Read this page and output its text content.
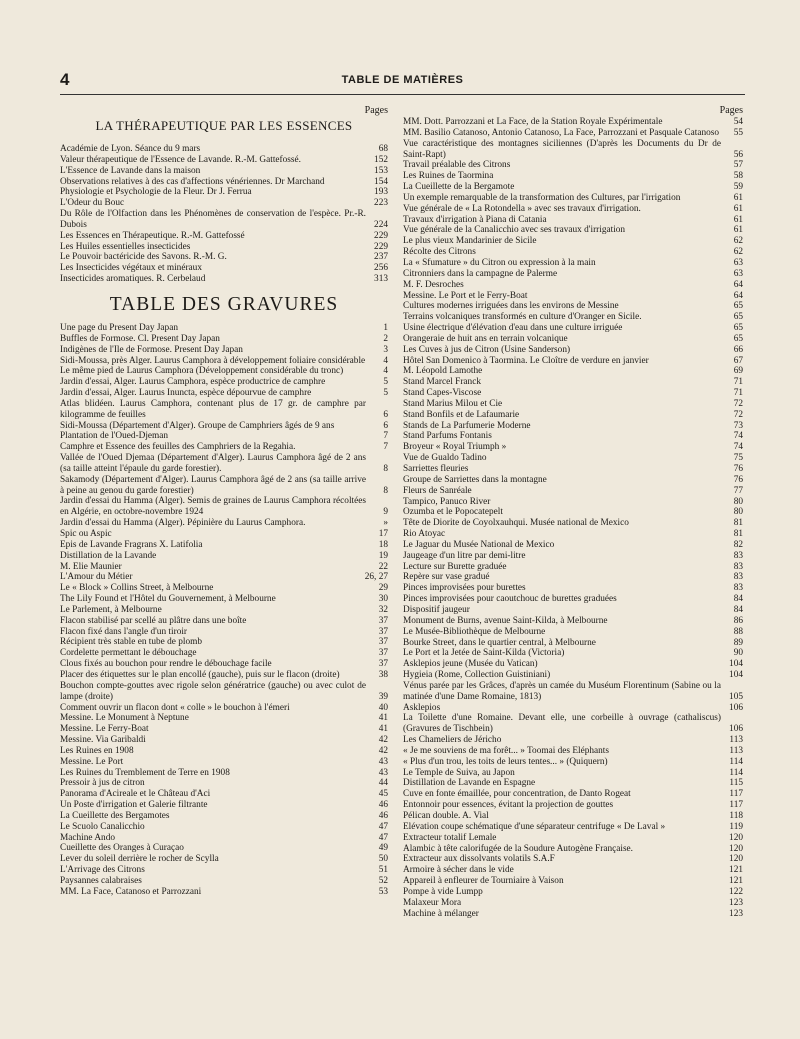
4	TABLE DE MATIÈRES
Pages
LA THÉRAPEUTIQUE PAR LES ESSENCES
Académie de Lyon. Séance du 9 mars	68
Valeur thérapeutique de l'Essence de Lavande. R.-M. Gattefossé.	152
L'Essence de Lavande dans la maison	153
Observations relatives à des cas d'affections vénériennes. Dr Marchand	154
Physiologie et Psychologie de la Fleur. Dr J. Ferrua	193
L'Odeur du Bouc	223
Du Rôle de l'Olfaction dans les Phénomènes de conservation de l'espèce. Pr.-R. Dubois	224
Les Essences en Thérapeutique. R.-M. Gattefossé	229
Les Huiles essentielles insecticides	229
Le Pouvoir bactéricide des Savons. R.-M. G.	237
Les Insecticides végétaux et minéraux	256
Insecticides aromatiques. R. Cerbelaud	313
TABLE DES GRAVURES
Une page du Present Day Japan	1
Buffles de Formose. Cl. Present Day Japan	2
Indigènes de l'Ile de Formose. Present Day Japan	3
Sidi-Moussa, près Alger. Laurus Camphora à développement foliaire considérable 4
Le même pied de Laurus Camphora (Développement considérable du tronc)	4
Jardin d'essai, Alger. Laurus Camphora, espèce productrice de camphre	5
Jardin d'essai, Alger. Laurus Inuncta, espèce dépourvue de camphre	5
Atlas blidéen. Laurus Camphora, contenant plus de 17 gr. de camphre par kilogramme de feuilles	6
Sidi-Moussa (Département d'Alger). Groupe de Camphriers âgés de 9 ans	6
Plantation de l'Oued-Djeman	7
Camphre et Essence des feuilles des Camphriers de la Regahia.	7
Vallée de l'Oued Djemaa (Département d'Alger). Laurus Camphora âgé de 2 ans (sa taille atteint l'épaule du garde forestier).	8
Sakamody (Département d'Alger). Laurus Camphora âgé de 2 ans (sa taille arrive à peine au genou du garde forestier)	8
Jardin d'essai du Hamma (Alger). Semis de graines de Laurus Camphora récoltées en Algérie, en octobre-novembre 1924	9
Jardin d'essai du Hamma (Alger). Pépinière du Laurus Camphora.	»
Spic ou Aspic	17
Epis de Lavande Fragrans X. Latifolia	18
Distillation de la Lavande	19
M. Elie Maunier	22
L'Amour du Métier	26, 27
Le « Block » Collins Street, à Melbourne	29
The Lily Found et l'Hôtel du Gouvernement, à Melbourne	30
Le Parlement, à Melbourne	32
Flacon stabilisé par scellé au plâtre dans une boîte	37
Flacon fixé dans l'angle d'un tiroir	37
Récipient très stable en tube de plomb	37
Cordelette permettant le débouchage	37
Clous fixés au bouchon pour rendre le débouchage facile	37
Placer des étiquettes sur le plan encollé (gauche), puis sur le flacon (droite)	38
Bouchon compte-gouttes avec rigole selon génératrice (gauche) ou avec culot de lampe (droite)	39
Comment ouvrir un flacon dont « colle » le bouchon à l'émeri	40
Messine. Le Monument à Neptune	41
Messine. Le Ferry-Boat	41
Messine. Via Garibaldi	42
Les Ruines en 1908	42
Messine. Le Port	43
Les Ruines du Tremblement de Terre en 1908	43
Pressoir à jus de citron	44
Panorama d'Acireale et le Château d'Aci	45
Un Poste d'irrigation et Galerie filtrante	46
La Cueillette des Bergamotes	46
Le Scuolo Canalicchio	47
Machine Ando	47
Cueillette des Oranges à Curaçao	49
Lever du soleil derrière le rocher de Scylla	50
L'Arrivage des Citrons	51
Paysannes calabraises	52
MM. La Face, Catanoso et Parrozzani	53
Pages
MM. Dott. Parrozzani et La Face, de la Station Royale Expérimentale	54
MM. Basilio Catanoso, Antonio Catanoso, La Face, Parrozzani et Pasquale Catanoso 55
Vue caractéristique des montagnes siciliennes (D'après les Documents du Dr de Saint-Rapt)	56
Travail préalable des Citrons	57
Les Ruines de Taormina	58
La Cueillette de la Bergamote	59
Un exemple remarquable de la transformation des Cultures, par l'irrigation	61
Vue générale de « La Rotondella » avec ses travaux d'irrigation.	61
Travaux d'irrigation à Piana di Catania	61
Vue générale de la Canalicchio avec ses travaux d'irrigation	61
Le plus vieux Mandarinier de Sicile	62
Récolte des Citrons	62
La « Sfumature » du Citron ou expression à la main	63
Citronniers dans la campagne de Palerme	63
M. F. Desroches	64
Messine. Le Port et le Ferry-Boat	64
Cultures modernes irriguées dans les environs de Messine	65
Terrains volcaniques transformés en culture d'Oranger en Sicile.	65
Usine électrique d'élévation d'eau dans une culture irriguée	65
Orangeraie de huit ans en terrain volcanique	65
Les Cuves à jus de Citron (Usine Sanderson)	66
Hôtel San Domenico à Taormina. Le Cloître de verdure en janvier	67
M. Léopold Lamothe	69
Stand Marcel Franck	71
Stand Capes-Viscose	71
Stand Marius Milou et Cie	72
Stand Bonfils et de Lafaumarie	72
Stands de La Parfumerie Moderne	73
Stand Parfums Fontanis	74
Broyeur « Royal Triumph »	74
Vue de Gualdo Tadino	75
Sarriettes fleuries	76
Groupe de Sarriettes dans la montagne	76
Fleurs de Sanréale	77
Tampico, Panuco River	80
Ozumba et le Popocatepelt	80
Tête de Diorite de Coyolxauhqui. Musée national de Mexico	81
Rio Atoyac	81
Le Jaguar du Musée National de Mexico	82
Jaugeage d'un litre par demi-litre	83
Lecture sur Burette graduée	83
Repère sur vase gradué	83
Pinces improvisées pour burettes	83
Pinces improvisées pour caoutchouc de burettes graduées	84
Dispositif jaugeur	84
Monument de Burns, avenue Saint-Kilda, à Melbourne	86
Le Musée-Bibliothèque de Melbourne	88
Bourke Street, dans le quartier central, à Melbourne	89
Le Port et la Jetée de Saint-Kilda (Victoria)	90
Asklepios jeune (Musée du Vatican)	104
Hygieia (Rome, Collection Guistiniani)	104
Vénus parée par les Grâces, d'après un camée du Muséum Florentinum (Sabine ou la matinée d'une Dame Romaine, 1813)	105
Asklepios	106
La Toilette d'une Romaine. Devant elle, une corbeille à ouvrage (cathaliscus) (Gravures de Tischbein)	106
Les Chameliers de Jéricho	113
« Je me souviens de ma forêt... » Toomai des Eléphants	113
« Plus d'un trou, les toits de leurs tentes... » (Quiquern)	114
Le Temple de Suiva, au Japon	114
Distillation de Lavande en Espagne	115
Cuve en fonte émaillée, pour concentration, de Danto Rogeat	117
Entonnoir pour essences, évitant la projection de gouttes	117
Pélican double. A. Vial	118
Elévation coupe schématique d'une séparateur centrifuge « De Laval »	119
Extracteur totalif Lemale	120
Alambic à tête calorifugée de la Soudure Autogène Française.	120
Extracteur aux dissolvants volatils S.A.F	120
Armoire à sécher dans le vide	121
Appareil à enfleurer de Tourniaire à Vaison	121
Pompe à vide Lumpp	122
Malaxeur Mora	123
Machine à mélanger	123
